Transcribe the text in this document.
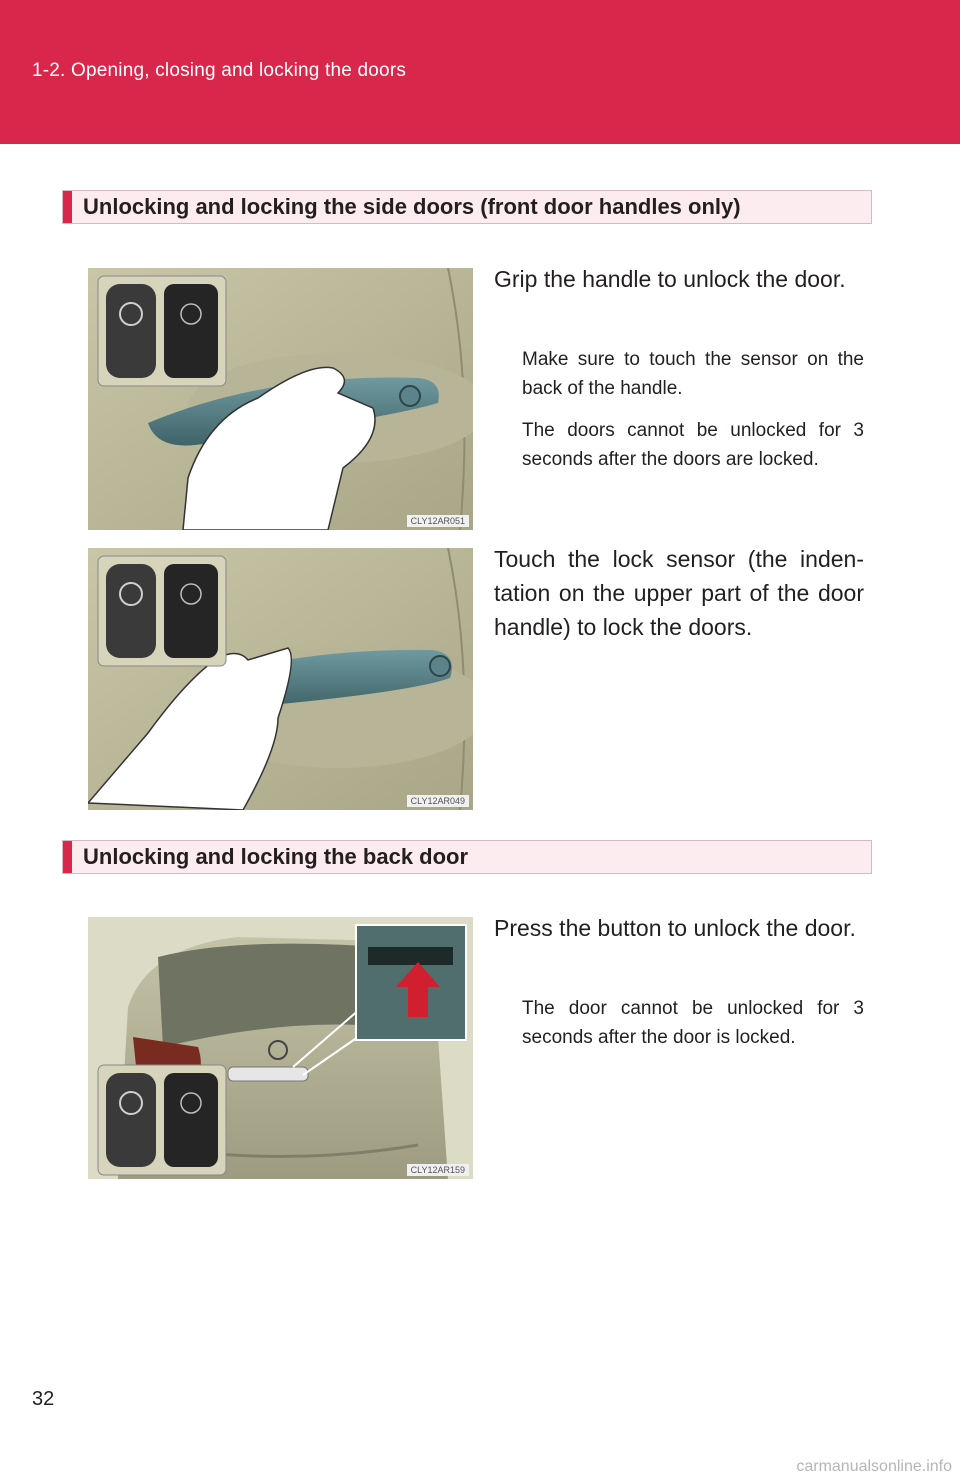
1-2. Opening, closing and locking the doors
Unlocking and locking the side doors (front door handles only)
CLY12AR051
Grip the handle to unlock the door.
Make sure to touch the sensor on the back of the handle.
The doors cannot be unlocked for 3 seconds after the doors are locked.
CLY12AR049
Touch the lock sensor (the inden-tation on the upper part of the door handle) to lock the doors.
Unlocking and locking the back door
CLY12AR159
Press the button to unlock the door.
The door cannot be unlocked for 3 seconds after the door is locked.
32
carmanualsonline.info
